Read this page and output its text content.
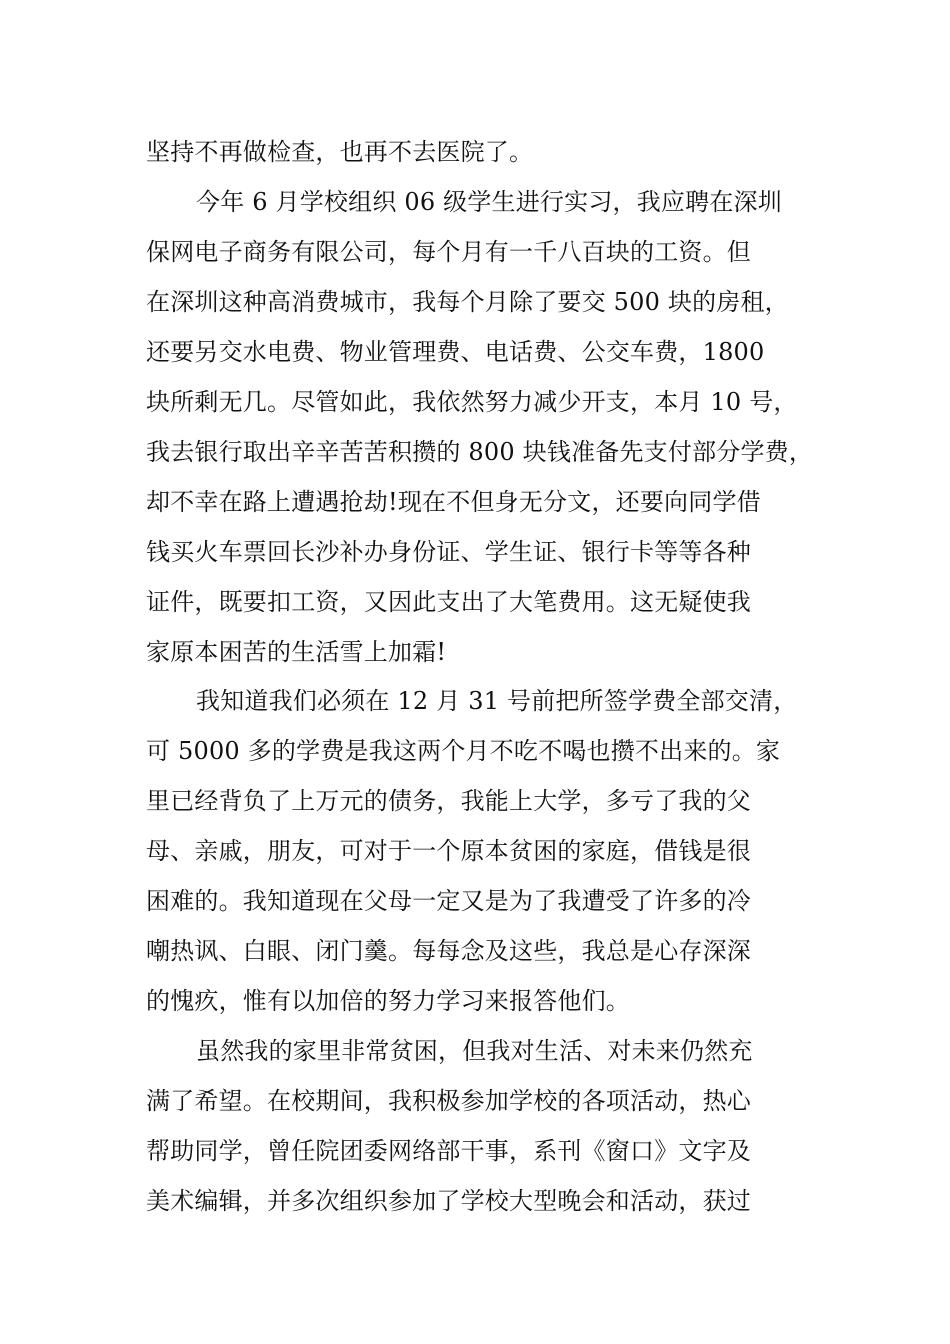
坚持不再做检查，也再不去医院了。
今年 6 月学校组织 06 级学生进行实习，我应聘在深圳
保网电子商务有限公司，每个月有一千八百块的工资。但
在深圳这种高消费城市，我每个月除了要交 500 块的房租，
还要另交水电费、物业管理费、电话费、公交车费，1800
块所剩无几。尽管如此，我依然努力减少开支，本月 10 号，
我去银行取出辛辛苦苦积攒的 800 块钱准备先支付部分学费，
却不幸在路上遭遇抢劫!现在不但身无分文，还要向同学借
钱买火车票回长沙补办身份证、学生证、银行卡等等各种
证件，既要扣工资，又因此支出了大笔费用。这无疑使我
家原本困苦的生活雪上加霜!
我知道我们必须在 12 月 31 号前把所签学费全部交清，
可 5000 多的学费是我这两个月不吃不喝也攒不出来的。家
里已经背负了上万元的债务，我能上大学，多亏了我的父
母、亲戚，朋友，可对于一个原本贫困的家庭，借钱是很
困难的。我知道现在父母一定又是为了我遭受了许多的冷
嘲热讽、白眼、闭门羹。每每念及这些，我总是心存深深
的愧疚，惟有以加倍的努力学习来报答他们。
虽然我的家里非常贫困，但我对生活、对未来仍然充
满了希望。在校期间，我积极参加学校的各项活动，热心
帮助同学，曾任院团委网络部干事，系刊《窗口》文字及
美术编辑，并多次组织参加了学校大型晚会和活动，获过
